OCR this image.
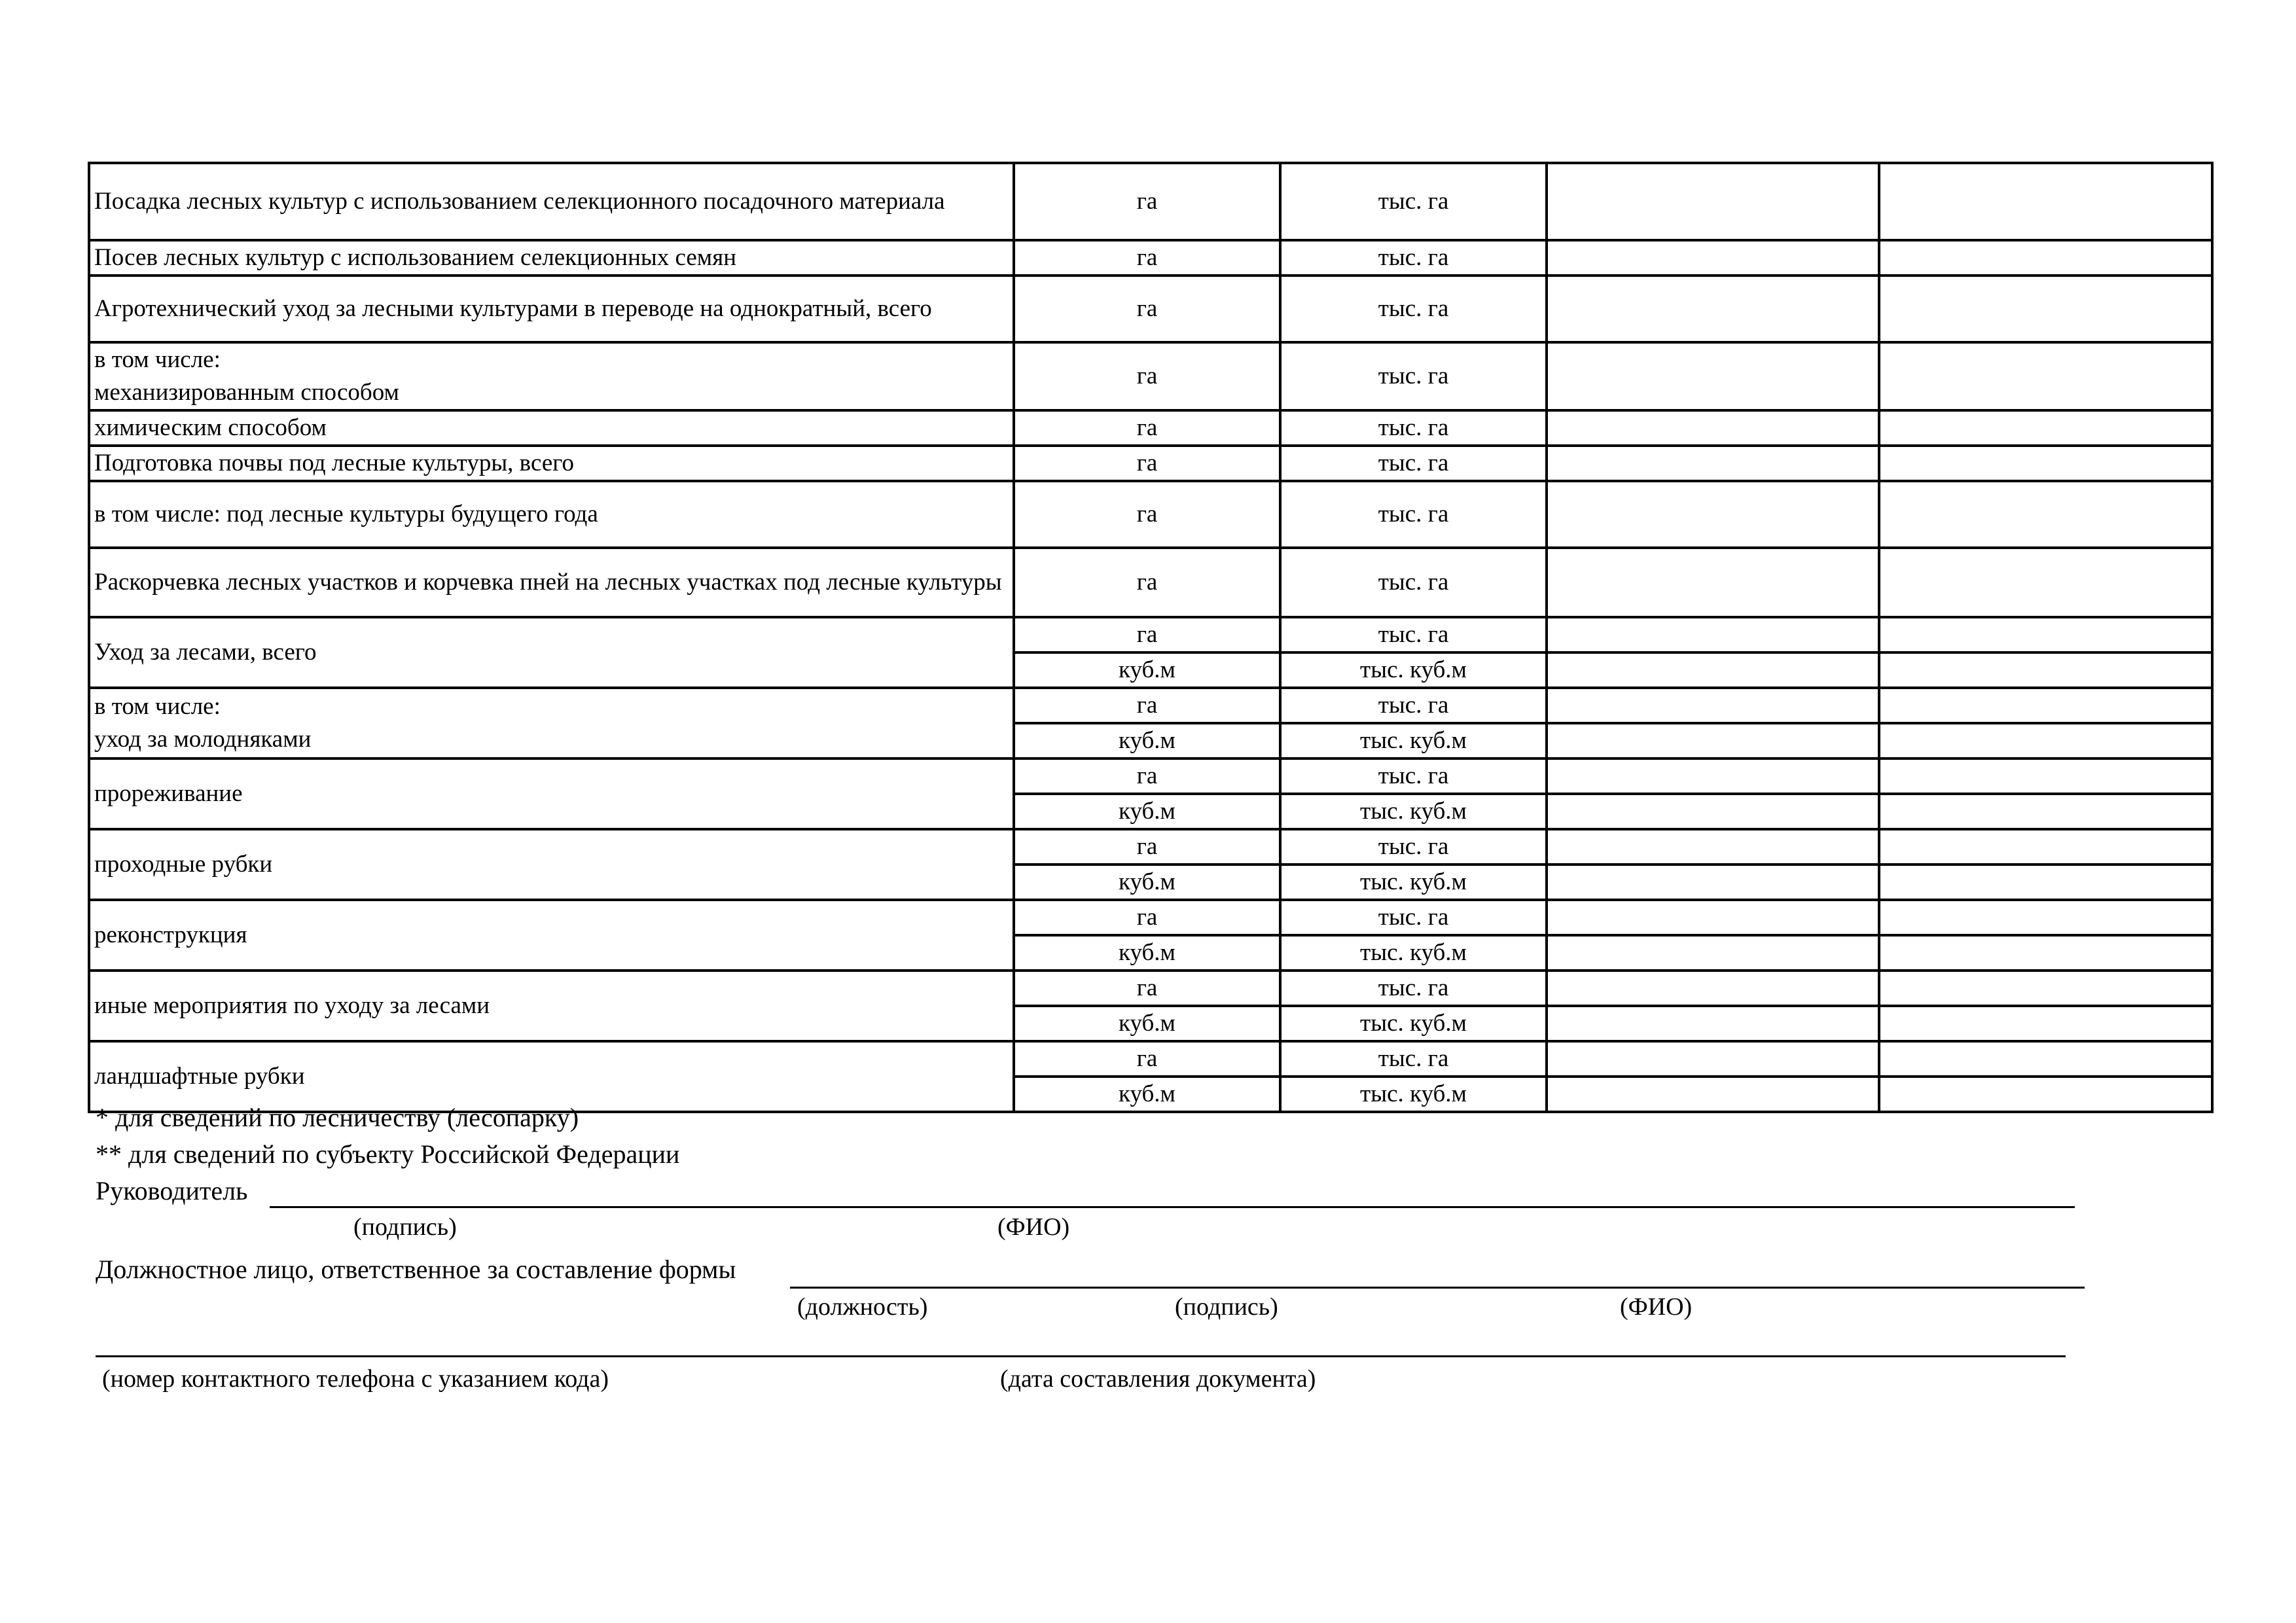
Посадка лесных культур с использованием селекционного посадочного материала	га	тыс. га		
Посев лесных культур с использованием селекционных семян	га	тыс. га		
Агротехнический уход за лесными культурами в переводе на однократный, всего	га	тыс. га		
в том числе:
механизированным способом	га	тыс. га		
химическим способом	га	тыс. га		
Подготовка почвы под лесные культуры, всего	га	тыс. га		
в том числе: под лесные культуры будущего года	га	тыс. га		
Раскорчевка лесных участков и корчевка пней на лесных участках под лесные культуры	га	тыс. га		
Уход за лесами, всего	га	тыс. га		
	куб.м	тыс. куб.м		
в том числе:
уход за молодняками	га	тыс. га		
	куб.м	тыс. куб.м		
прореживание	га	тыс. га		
	куб.м	тыс. куб.м		
проходные рубки	га	тыс. га		
	куб.м	тыс. куб.м		
реконструкция	га	тыс. га		
	куб.м	тыс. куб.м		
иные мероприятия по уходу за лесами	га	тыс. га		
	куб.м	тыс. куб.м		
ландшафтные рубки	га	тыс. га		
	куб.м	тыс. куб.м		
* для сведений по лесничеству (лесопарку)
** для сведений по субъекту Российской Федерации
Руководитель
(подпись)	(ФИО)
Должностное лицо, ответственное за составление формы
(должность)	(подпись)	(ФИО)
(номер контактного телефона с указанием кода)	(дата составления документа)
